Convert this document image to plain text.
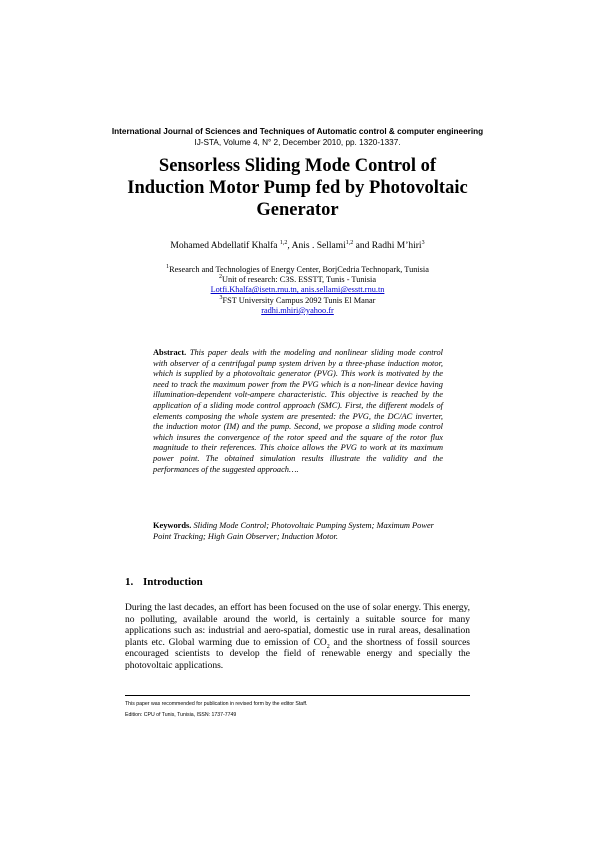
International Journal of Sciences and Techniques of Automatic control & computer engineering
IJ-STA, Volume 4, N° 2, December 2010, pp. 1320-1337.
Sensorless Sliding Mode Control of
Induction Motor Pump fed by Photovoltaic
Generator
Mohamed Abdellatif Khalfa $^{1,2}$, Anis . Sellami$^{1,2}$ and Radhi M’hiri$^3$
$^1$Research and Technologies of Energy Center, BorjCedria Technopark, Tunisia
$^2$Unit of research: C3S. ESSTT, Tunis - Tunisia
Lotfi.Khalfa@isetn.rnu.tn, anis.sellami@esstt.rnu.tn
$^3$FST University Campus 2092 Tunis El Manar
radhi.mhiri@yahoo.fr
Abstract. This paper deals with the modeling and nonlinear sliding mode control with observer of a centrifugal pump system driven by a three-phase induction motor, which is supplied by a photovoltaic generator (PVG). This work is motivated by the need to track the maximum power from the PVG which is a non-linear device having illumination-dependent volt-ampere characteristic. This objective is reached by the application of a sliding mode control approach (SMC). First, the different models of elements composing the whole system are presented: the PVG, the DC/AC inverter, the induction motor (IM) and the pump. Second, we propose a sliding mode control which insures the convergence of the rotor speed and the square of the rotor flux magnitude to their references. This choice allows the PVG to work at its maximum power point. The obtained simulation results illustrate the validity and the performances of the suggested approach….
Keywords. Sliding Mode Control; Photovoltaic Pumping System; Maximum Power Point Tracking; High Gain Observer; Induction Motor.
1. Introduction
During the last decades, an effort has been focused on the use of solar energy. This energy, no polluting, available around the world, is certainly a suitable source for many applications such as: industrial and aero-spatial, domestic use in rural areas, desalination plants etc. Global warming due to emission of $CO_2$ and the shortness of fossil sources encouraged scientists to develop the field of renewable energy and specially the photovoltaic applications.
This paper was recommended for publication in revised form by the editor Staff.
Edition: CPU of Tunis, Tunisia, ISSN: 1737-7749
